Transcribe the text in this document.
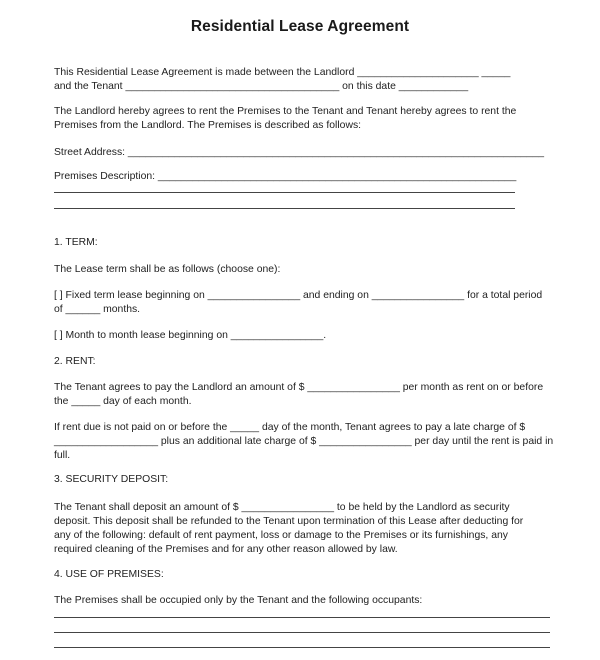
Residential Lease Agreement
This Residential Lease Agreement is made between the Landlord _____________________ _____
and the Tenant _____________________________________ on this date ____________
The Landlord hereby agrees to rent the Premises to the Tenant and Tenant hereby agrees to rent the
Premises from the Landlord. The Premises is described as follows:
Street Address: ________________________________________________________________________
Premises Description: ______________________________________________________________
1. TERM:
The Lease term shall be as follows (choose one):
[ ] Fixed term lease beginning on ________________ and ending on ________________ for a total period
of ______ months.
[ ] Month to month lease beginning on ________________.
2. RENT:
The Tenant agrees to pay the Landlord an amount of $ ________________ per month as rent on or before
the _____ day of each month.
If rent due is not paid on or before the _____ day of the month, Tenant agrees to pay a late charge of $
__________________ plus an additional late charge of $ ________________ per day until the rent is paid in
full.
3. SECURITY DEPOSIT:
The Tenant shall deposit an amount of $ ________________ to be held by the Landlord as security
deposit. This deposit shall be refunded to the Tenant upon termination of this Lease after deducting for
any of the following: default of rent payment, loss or damage to the Premises or its furnishings, any
required cleaning of the Premises and for any other reason allowed by law.
4. USE OF PREMISES:
The Premises shall be occupied only by the Tenant and the following occupants:
